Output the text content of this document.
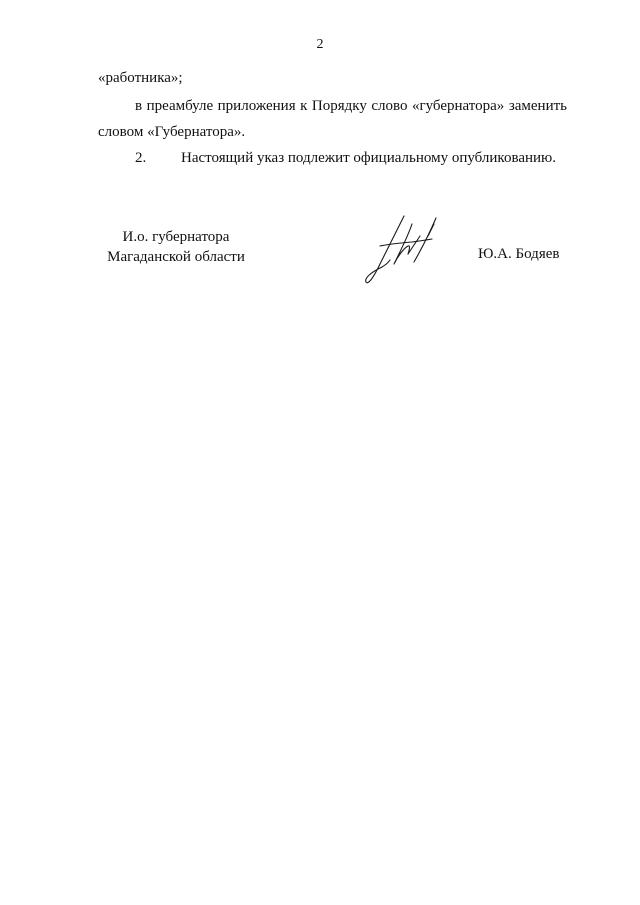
2
«работника»;
в преамбуле приложения к Порядку слово «губернатора» заменить
словом «Губернатора».
2. Настоящий указ подлежит официальному опубликованию.
И.о. губернатора
Магаданской области	Ю.А. Бодяев
